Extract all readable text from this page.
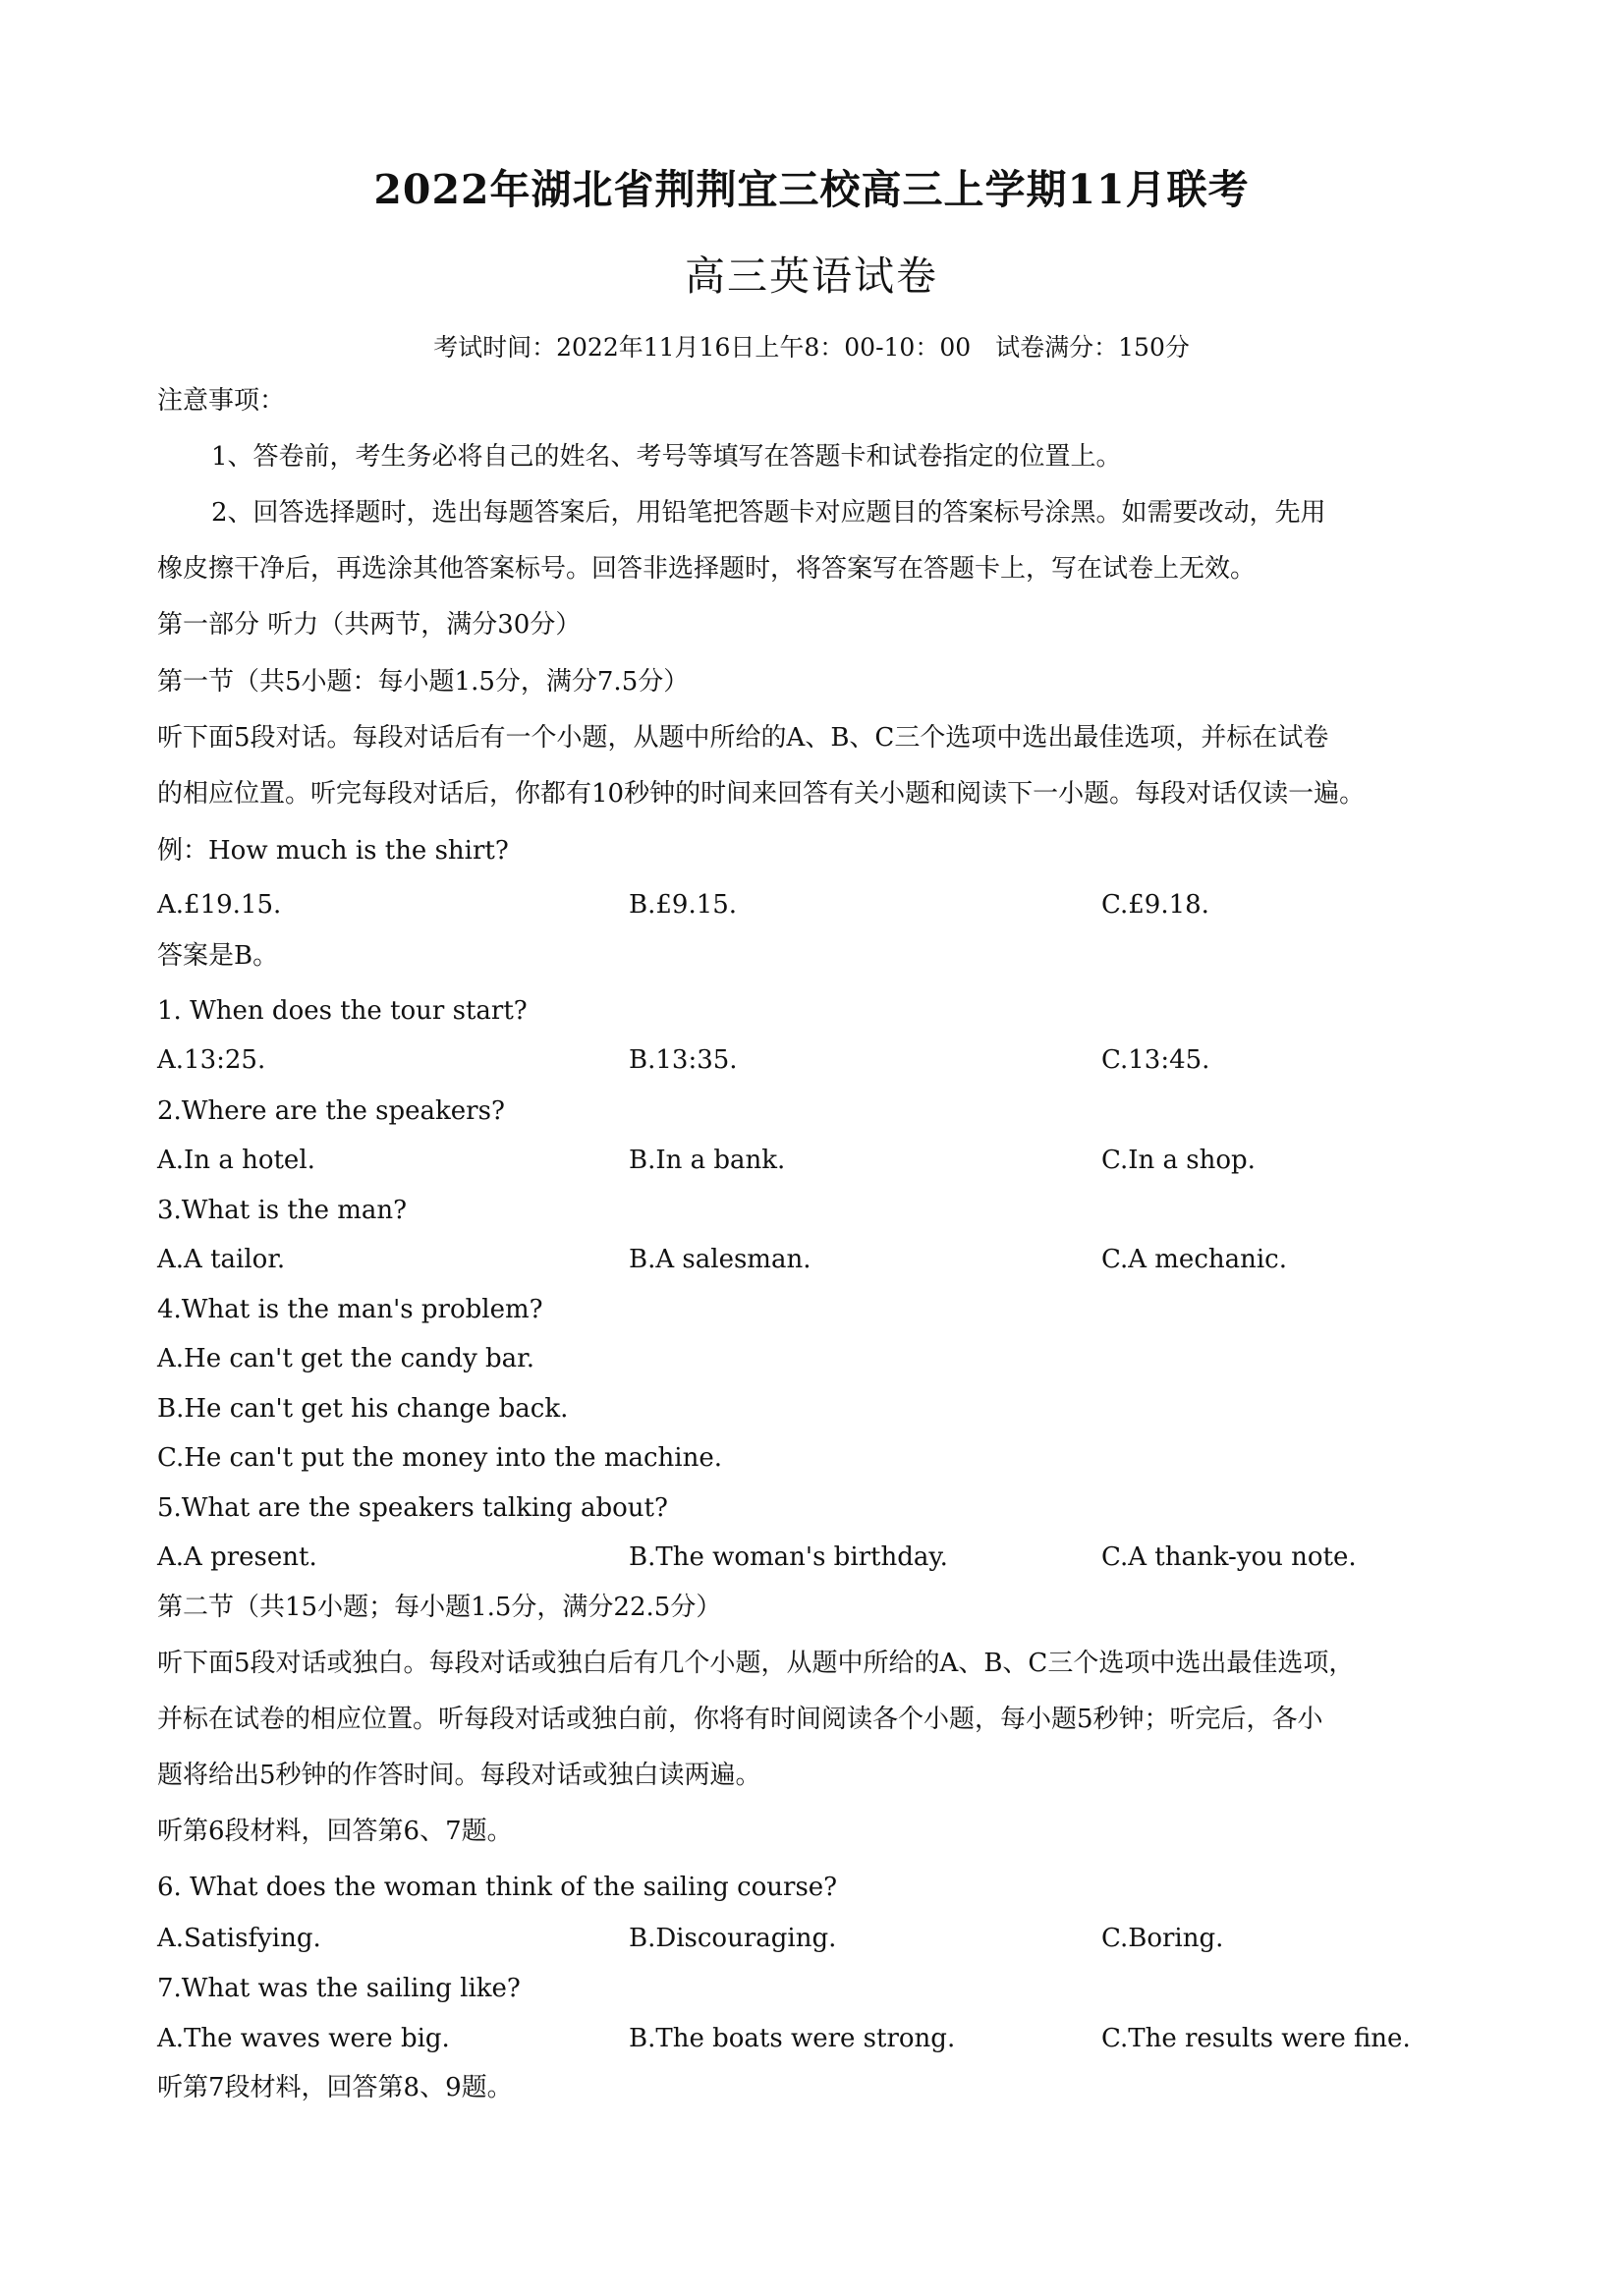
2022年湖北省荆荆宜三校高三上学期11月联考
高三英语试卷
考试时间：2022年11月16日上午8：00-10：00　试卷满分：150分
注意事项：
1、答卷前，考生务必将自己的姓名、考号等填写在答题卡和试卷指定的位置上。
2、回答选择题时，选出每题答案后，用铅笔把答题卡对应题目的答案标号涂黑。如需要改动，先用
橡皮擦干净后，再选涂其他答案标号。回答非选择题时，将答案写在答题卡上，写在试卷上无效。
第一部分 听力（共两节，满分30分）
第一节（共5小题：每小题1.5分，满分7.5分）
听下面5段对话。每段对话后有一个小题，从题中所给的A、B、C三个选项中选出最佳选项，并标在试卷
的相应位置。听完每段对话后，你都有10秒钟的时间来回答有关小题和阅读下一小题。每段对话仅读一遍。
例：How much is the shirt?
A.£19.15.	B.£9.15.	C.£9.18.
答案是B。
1. When does the tour start?
A.13:25.	B.13:35.	C.13:45.
2.Where are the speakers?
A.In a hotel.	B.In a bank.	C.In a shop.
3.What is the man?
A.A tailor.	B.A salesman.	C.A mechanic.
4.What is the man's problem?
A.He can't get the candy bar.
B.He can't get his change back.
C.He can't put the money into the machine.
5.What are the speakers talking about?
A.A present.	B.The woman's birthday.	C.A thank-you note.
第二节（共15小题；每小题1.5分，满分22.5分）
听下面5段对话或独白。每段对话或独白后有几个小题，从题中所给的A、B、C三个选项中选出最佳选项，
并标在试卷的相应位置。听每段对话或独白前，你将有时间阅读各个小题，每小题5秒钟；听完后，各小
题将给出5秒钟的作答时间。每段对话或独白读两遍。
听第6段材料，回答第6、7题。
6. What does the woman think of the sailing course?
A.Satisfying.	B.Discouraging.	C.Boring.
7.What was the sailing like?
A.The waves were big.	B.The boats were strong.	C.The results were fine.
听第7段材料，回答第8、9题。
